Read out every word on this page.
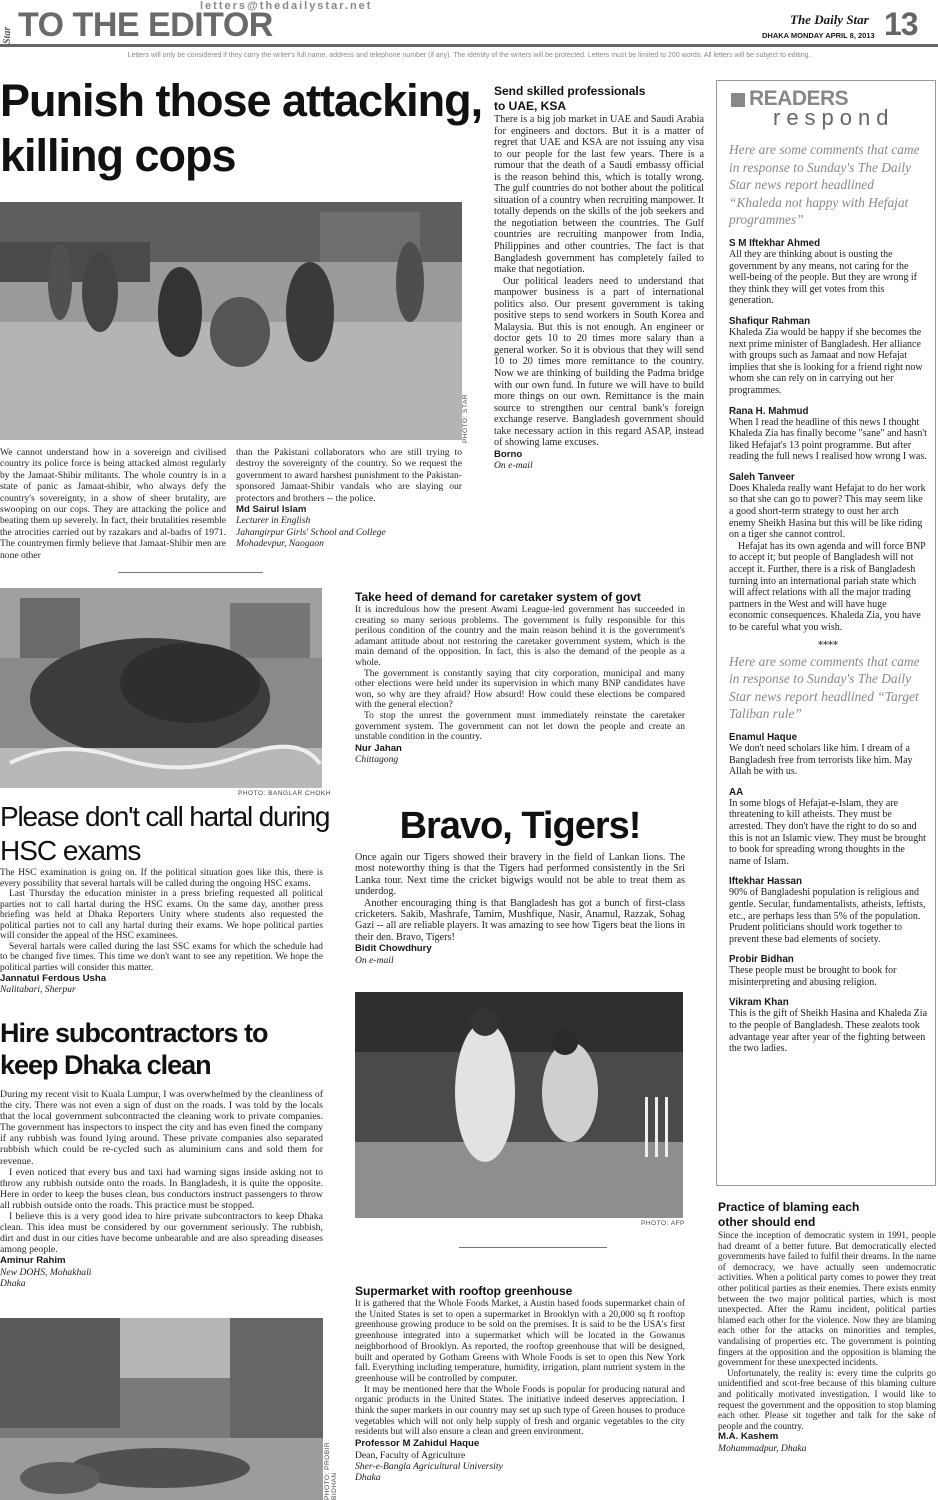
Star
letters@thedailystar.net
TO THE EDITOR	The Daily Star
DHAKA MONDAY APRIL 8, 2013 13
Letters will only be considered if they carry the writer's full name, address and telephone number (if any). The identity of the writers will be protected. Letters must be limited to 200 words. All letters will be subject to editing.
Punish those attacking,
killing cops
PHOTO: STAR

We cannot understand how in a sovereign and civilised country its police force is being attacked almost regularly by the Jamaat-Shibir militants. The whole country is in a state of panic as Jamaat-shibir, who always defy the country's sovereignty, in a show of sheer brutality, are swooping on our cops. They are attacking the police and beating them up severely. In fact, their brutalities resemble the atrocities carried out by razakars and al-badrs of 1971. The countrymen firmly believe that Jamaat-Shibir men are none other

than the Pakistani collaborators who are still trying to destroy the sovereignty of the country. So we request the government to award harshest punishment to the Pakistan-sponsored Jamaat-Shibir vandals who are slaying our protectors and brothers -- the police.

Md Sairul Islam
Lecturer in English
Jahangirpur Girls' School and College
Mohadevpur, Naogaon
Send skilled professionals
to UAE, KSA

There is a big job market in UAE and Saudi Arabia for engineers and doctors. But it is a matter of regret that UAE and KSA are not issuing any visa to our people for the last few years. There is a rumour that the death of a Saudi embassy official is the reason behind this, which is totally wrong. The gulf countries do not bother about the political situation of a country when recruiting manpower. It totally depends on the skills of the job seekers and the negotiation between the countries. The Gulf countries are recruiting manpower from India, Philippines and other countries. The fact is that Bangladesh government has completely failed to make that negotiation.

Our political leaders need to understand that manpower business is a part of international politics also. Our present government is taking positive steps to send workers in South Korea and Malaysia. But this is not enough. An engineer or doctor gets 10 to 20 times more salary than a general worker. So it is obvious that they will send 10 to 20 times more remittance to the country. Now we are thinking of building the Padma bridge with our own fund. In future we will have to build more things on our own. Remittance is the main source to strengthen our central bank's foreign exchange reserve. Bangladesh government should take necessary action in this regard ASAP, instead of showing lame excuses.

Borno
On e-mail
READERS
respond
Here are some comments that came in response to Sunday's The Daily Star news report headlined “Khaleda not happy with Hefajat programmes”
S M Iftekhar Ahmed
All they are thinking about is ousting the government by any means, not caring for the well-being of the people. But they are wrong if they think they will get votes from this generation.
Shafiqur Rahman
Khaleda Zia would be happy if she becomes the next prime minister of Bangladesh. Her alliance with groups such as Jamaat and now Hefajat implies that she is looking for a friend right now whom she can rely on in carrying out her programmes.
Rana H. Mahmud
When I read the headline of this news I thought Khaleda Zia has finally become "sane" and hasn't liked Hefajat's 13 point programme. But after reading the full news I realised how wrong I was.
Saleh Tanveer
Does Khaleda really want Hefajat to do her work so that she can go to power? This may seem like a good short-term strategy to oust her arch enemy Sheikh Hasina but this will be like riding on a tiger she cannot control.
Hefajat has its own agenda and will force BNP to accept it; but people of Bangladesh will not accept it. Further, there is a risk of Bangladesh turning into an international pariah state which will affect relations with all the major trading partners in the West and will have huge economic consequences. Khaleda Zia, you have to be careful what you wish.
****
Here are some comments that came in response to Sunday's The Daily Star news report headlined “Target Taliban rule”
Enamul Haque
We don't need scholars like him. I dream of a Bangladesh free from terrorists like him. May Allah be with us.
AA
In some blogs of Hefajat-e-Islam, they are threatening to kill atheists. They must be arrested. They don't have the right to do so and this is not an Islamic view. They must be brought to book for spreading wrong thoughts in the name of Islam.
Iftekhar Hassan
90% of Bangladeshi population is religious and gentle. Secular, fundamentalists, atheists, leftists, etc., are perhaps less than 5% of the population. Prudent politicians should work together to prevent these bad elements of society.
Probir Bidhan
These people must be brought to book for misinterpreting and abusing religion.
Vikram Khan
This is the gift of Sheikh Hasina and Khaleda Zia to the people of Bangladesh. These zealots took advantage year after year of the fighting between the two ladies.
PHOTO: BANGLAR CHOKH
Take heed of demand for caretaker system of govt

It is incredulous how the present Awami League-led government has succeeded in creating so many serious problems. The government is fully responsible for this perilous condition of the country and the main reason behind it is the government's adamant attitude about not restoring the caretaker government system, which is the main demand of the opposition. In fact, this is also the demand of the people as a whole.

The government is constantly saying that city corporation, municipal and many other elections were held under its supervision in which many BNP candidates have won, so why are they afraid? How absurd! How could these elections be compared with the general election?

To stop the unrest the government must immediately reinstate the caretaker government system. The government can not let down the people and create an unstable condition in the country.

Nur Jahan
Chittagong
Please don't call hartal during
HSC exams

The HSC examination is going on. If the political situation goes like this, there is every possibility that several hartals will be called during the ongoing HSC exams.

Last Thursday the education minister in a press briefing requested all political parties not to call hartal during the HSC exams. On the same day, another press briefing was held at Dhaka Reporters Unity where students also requested the political parties not to call any hartal during their exams. We hope political parties will consider the appeal of the HSC examinees.

Several hartals were called during the last SSC exams for which the schedule had to be changed five times. This time we don't want to see any repetition. We hope the political parties will consider this matter.

Jannatul Ferdous Usha
Nalitabari, Sherpur
Bravo, Tigers!

Once again our Tigers showed their bravery in the field of Lankan lions. The most noteworthy thing is that the Tigers had performed consistently in the Sri Lanka tour. Next time the cricket bigwigs would not be able to treat them as underdog.

Another encouraging thing is that Bangladesh has got a bunch of first-class cricketers. Sakib, Mashrafe, Tamim, Mushfique, Nasir, Anamul, Razzak, Sohag Gazi -- all are reliable players. It was amazing to see how Tigers beat the lions in their den. Bravo, Tigers!

Bidit Chowdhury
On e-mail
PHOTO: AFP
Hire subcontractors to
keep Dhaka clean

During my recent visit to Kuala Lumpur, I was overwhelmed by the cleanliness of the city. There was not even a sign of dust on the roads. I was told by the locals that the local government subcontracted the cleaning work to private companies. The government has inspectors to inspect the city and has even fined the company if any rubbish was found lying around. These private companies also separated rubbish which could be re-cycled such as aluminium cans and sold them for revenue.

I even noticed that every bus and taxi had warning signs inside asking not to throw any rubbish outside onto the roads. In Bangladesh, it is quite the opposite. Here in order to keep the buses clean, bus conductors instruct passengers to throw all rubbish outside onto the roads. This practice must be stopped.

I believe this is a very good idea to hire private subcontractors to keep Dhaka clean. This idea must be considered by our government seriously. The rubbish, dirt and dust in our cities have become unbearable and are also spreading diseases among people.

Aminur Rahim
New DOHS, Mohakhali
Dhaka
PHOTO: PROBIR BIDHAN
Supermarket with rooftop greenhouse

It is gathered that the Whole Foods Market, a Austin based foods supermarket chain of the United States is set to open a supermarket in Brooklyn with a 20,000 sq ft rooftop greenhouse growing produce to be sold on the premises. It is said to be the USA's first greenhouse integrated into a supermarket which will be located in the Gowanus neighborhood of Brooklyn. As reported, the rooftop greenhouse that will be designed, built and operated by Gotham Greens with Whole Foods is set to open this New York fall. Everything including temperature, humidity, irrigation, plant nutrient system in the greenhouse will be controlled by computer.

It may be mentioned here that the Whole Foods is popular for producing natural and organic products in the United States. The initiative indeed deserves appreciation. I think the super markets in our country may set up such type of Green houses to produce vegetables which will not only help supply of fresh and organic vegetables to the city residents but will also ensure a clean and green environment.

Professor M Zahidul Haque
Dean, Faculty of Agriculture
Sher-e-Bangla Agricultural University
Dhaka
Practice of blaming each
other should end

Since the inception of democratic system in 1991, people had dreamt of a better future. But democratically elected governments have failed to fulfil their dreams. In the name of democracy, we have actually seen undemocratic activities. When a political party comes to power they treat other political parties as their enemies. There exists enmity between the two major political parties, which is most unexpected. After the Ramu incident, political parties blamed each other for the violence. Now they are blaming each other for the attacks on minorities and temples, vandalising of properties etc. The government is pointing fingers at the opposition and the opposition is blaming the government for these unexpected incidents.

Unfortunately, the reality is: every time the culprits go unidentified and scot-free because of this blaming culture and politically motivated investigation. I would like to request the government and the opposition to stop blaming each other. Please sit together and talk for the sake of people and the country.

M.A. Kashem
Mohammadpur, Dhaka
